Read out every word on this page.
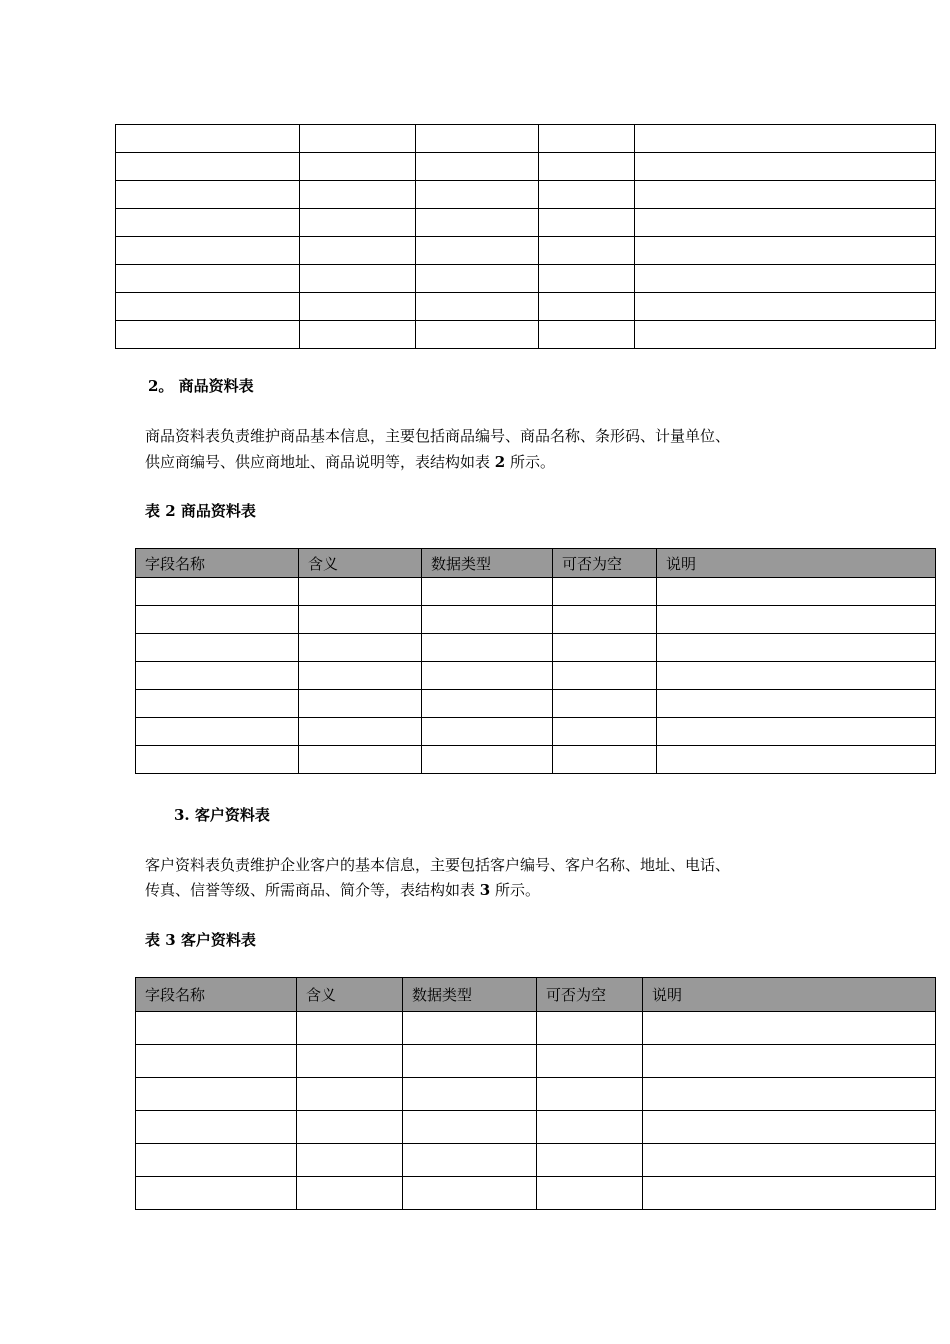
2。 商品资料表
商品资料表负责维护商品基本信息，主要包括商品编号、商品名称、条形码、计量单位、
供应商编号、供应商地址、商品说明等，表结构如表 2 所示。
表 2 商品资料表
字段名称	含义	数据类型	可否为空	说明

3. 客户资料表
客户资料表负责维护企业客户的基本信息，主要包括客户编号、客户名称、地址、电话、
传真、信誉等级、所需商品、简介等，表结构如表 3 所示。
表 3 客户资料表
字段名称	含义	数据类型	可否为空	说明
